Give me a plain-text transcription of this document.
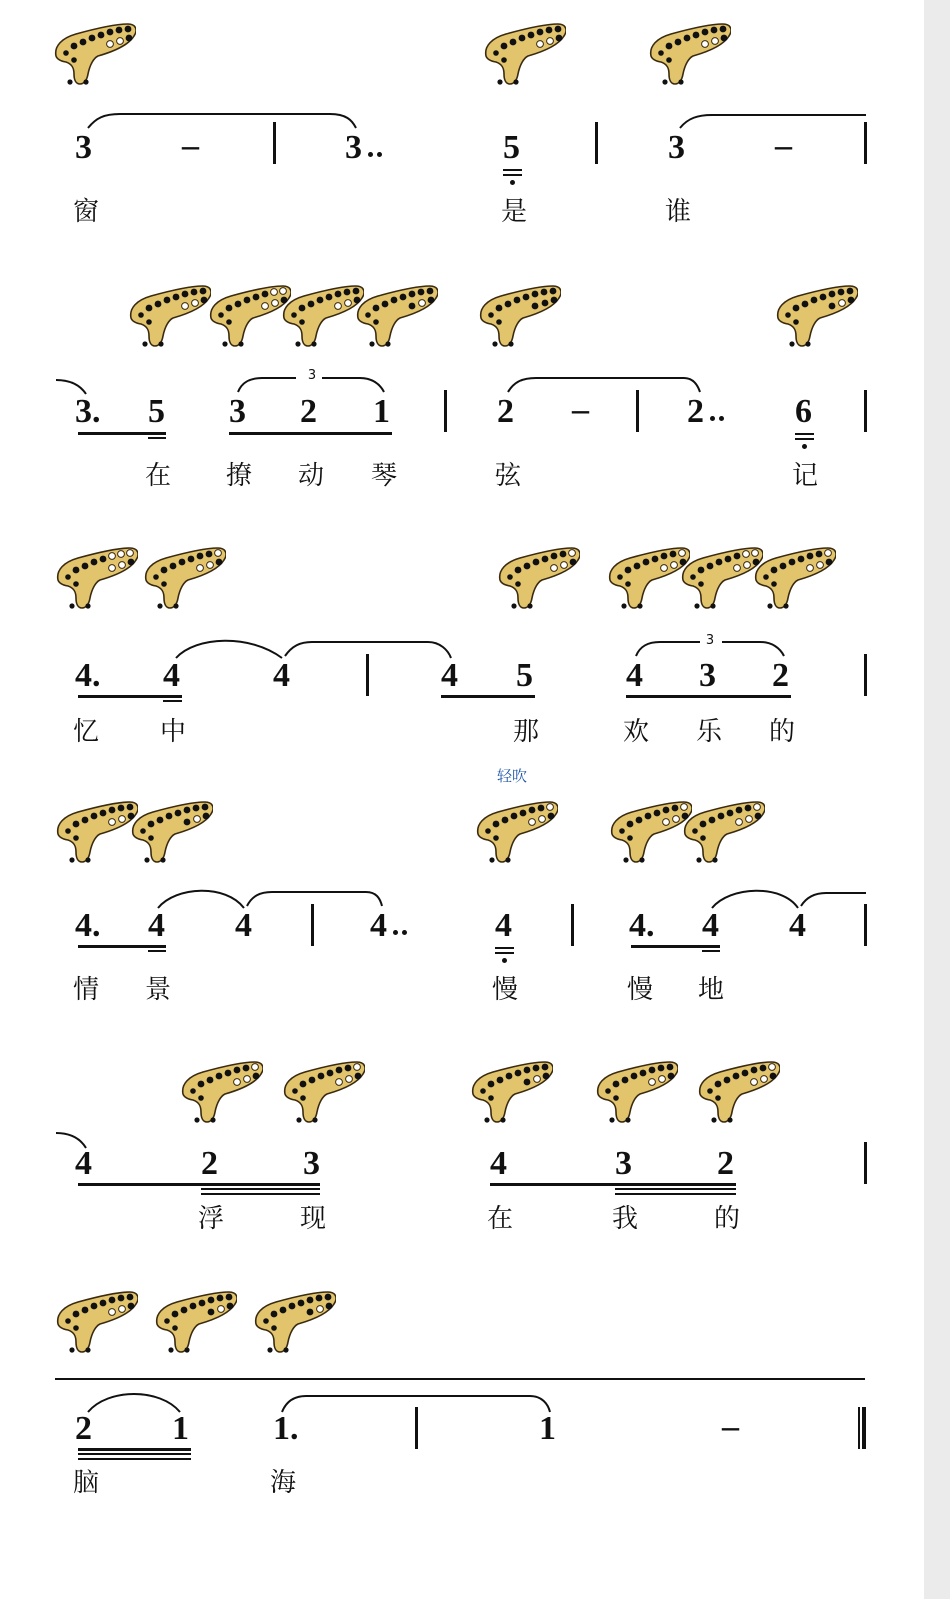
3	–	3	5	3	–
窗	是	谁
3. 5
3
3 2 1	2 –	2	6
在 撩 动 琴	弦	记
4. 4	4	4 5
3
4 3 2
忆 中	那	欢 乐 的
轻吹
4. 4 4	4	4	4. 4 4
情 景	慢	慢 地
4	2	3	4	3	2
浮	现	在	我	的
2 1 1.	1	–
脑	海
